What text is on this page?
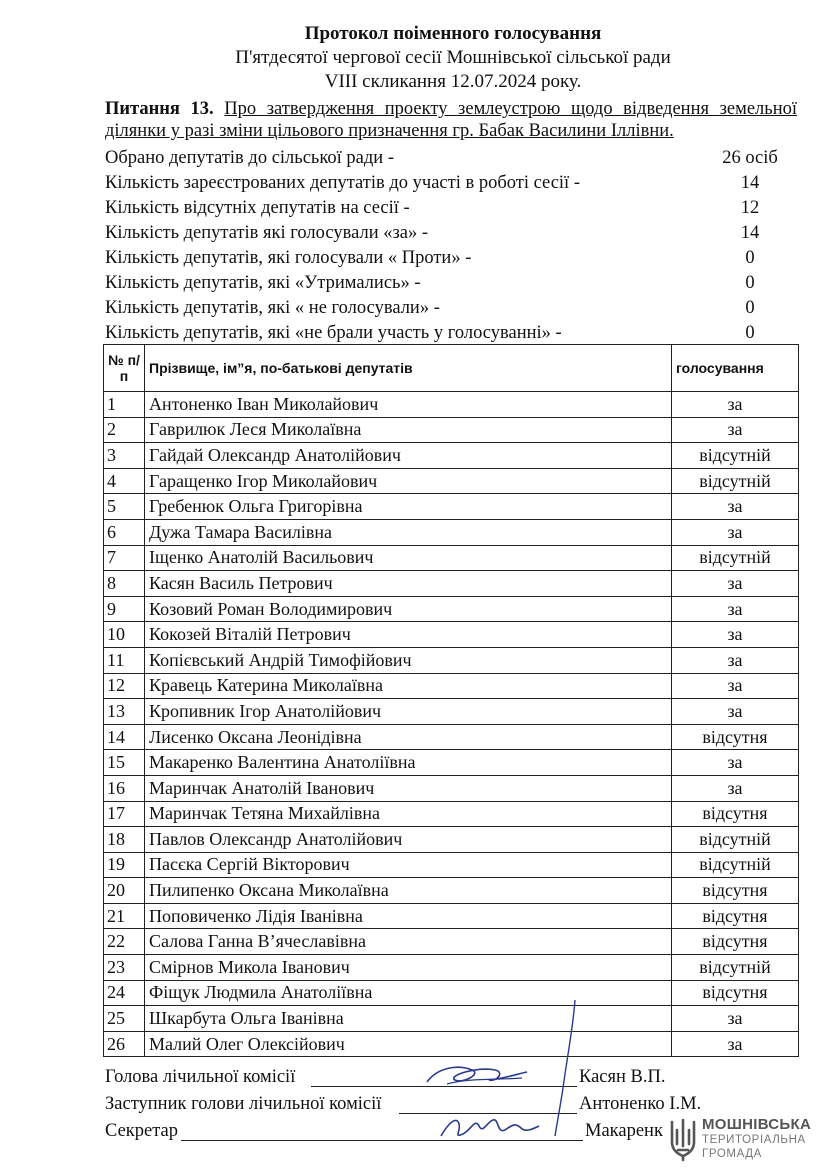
Протокол поіменного голосування
П'ятдесятої чергової сесії Мошнівської сільської ради
VIII скликання 12.07.2024 року.
Питання 13. Про затвердження проекту землеустрою щодо відведення земельної ділянки у разі зміни цільового призначення гр. Бабак Василини Іллівни.
Обрано депутатів до сільської ради -	26 осіб
Кількість зареєстрованих депутатів до участі в роботі сесії -	14
Кількість відсутніх депутатів на сесії -	12
Кількість депутатів які голосували «за» -	14
Кількість депутатів, які голосували « Проти» -	0
Кількість депутатів, які «Утримались» -	0
Кількість депутатів, які « не голосували» -	0
Кількість депутатів, які «не брали участь у голосуванні» -	0
№ п/п	Прізвище, ім”я, по-батькові депутатів	голосування
1	Антоненко Іван Миколайович	за
2	Гаврилюк Леся Миколаївна	за
3	Гайдай Олександр Анатолійович	відсутній
4	Гаращенко Ігор Миколайович	відсутній
5	Гребенюк Ольга Григорівна	за
6	Дужа Тамара Василівна	за
7	Іщенко Анатолій Васильович	відсутній
8	Касян Василь Петрович	за
9	Козовий Роман Володимирович	за
10	Кокозей Віталій Петрович	за
11	Копієвський Андрій Тимофійович	за
12	Кравець Катерина Миколаївна	за
13	Кропивник Ігор Анатолійович	за
14	Лисенко Оксана Леонідівна	відсутня
15	Макаренко Валентина Анатоліївна	за
16	Маринчак Анатолій Іванович	за
17	Маринчак Тетяна Михайлівна	відсутня
18	Павлов Олександр Анатолійович	відсутній
19	Пасєка Сергій Вікторович	відсутній
20	Пилипенко Оксана Миколаївна	відсутня
21	Поповиченко Лідія Іванівна	відсутня
22	Салова Ганна В’ячеславівна	відсутня
23	Смірнов Микола Іванович	відсутній
24	Фіщук Людмила Анатоліївна	відсутня
25	Шкарбута Ольга Іванівна	за
26	Малий Олег Олексійович	за
Голова лічильної комісії	Касян В.П.
Заступник голови лічильної комісії	Антоненко І.М.
Секретар	Макаренк	МОШНІВСЬКА
ТЕРИТОРІАЛЬНА
ГРОМАДА
